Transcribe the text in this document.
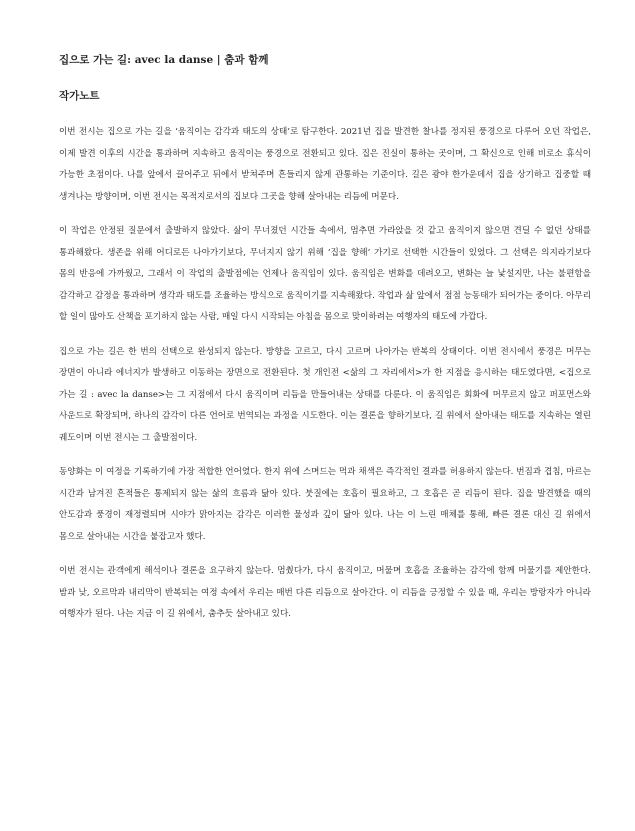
집으로 가는 길: avec la danse | 춤과 함께
작가노트

이번 전시는 집으로 가는 길을 ‘움직이는 감각과 태도의 상태’로 탐구한다. 2021년 집을 발견한 찰나를 정지된 풍경으로 다루어 오던 작업은, 이제 발견 이후의 시간을 통과하며 지속하고 움직이는 풍경으로 전환되고 있다. 집은 진실이 통하는 곳이며, 그 확신으로 인해 비로소 휴식이 가능한 초점이다. 나를 앞에서 끌어주고 뒤에서 받쳐주며 흔들리지 않게 관통하는 기준이다. 길은 광야 한가운데서 집을 상기하고 집중할 때 생겨나는 방향이며, 이번 전시는 목적지로서의 집보다 그곳을 향해 살아내는 리듬에 머문다.

이 작업은 안정된 질문에서 출발하지 않았다. 삶이 무너졌던 시간들 속에서, 멈추면 가라앉을 것 같고 움직이지 않으면 견딜 수 없던 상태를 통과해왔다. 생존을 위해 어디로든 나아가기보다, 무너지지 않기 위해 ‘집을 향해’ 가기로 선택한 시간들이 있었다. 그 선택은 의지라기보다 몸의 반응에 가까웠고, 그래서 이 작업의 출발점에는 언제나 움직임이 있다. 움직임은 변화를 데려오고, 변화는 늘 낯설지만, 나는 불편함을 감각하고 감정을 통과하며 생각과 태도를 조율하는 방식으로 움직이기를 지속해왔다. 작업과 삶 앞에서 점점 능동태가 되어가는 중이다. 아무리 할 일이 많아도 산책을 포기하지 않는 사람, 매일 다시 시작되는 아침을 몸으로 맞이하려는 여행자의 태도에 가깝다.

집으로 가는 길은 한 번의 선택으로 완성되지 않는다. 방향을 고르고, 다시 고르며 나아가는 반복의 상태이다. 이번 전시에서 풍경은 머무는 장면이 아니라 에너지가 발생하고 이동하는 장면으로 전환된다. 첫 개인전 <삶의 그 자리에서>가 한 지점을 응시하는 태도였다면, <집으로 가는 길 : avec la danse>는 그 지점에서 다시 움직이며 리듬을 만들어내는 상태를 다룬다. 이 움직임은 회화에 머무르지 않고 퍼포먼스와 사운드로 확장되며, 하나의 감각이 다른 언어로 번역되는 과정을 시도한다. 이는 결론을 향하기보다, 길 위에서 살아내는 태도를 지속하는 열린 궤도이며 이번 전시는 그 출발점이다.

동양화는 이 여정을 기록하기에 가장 적합한 언어였다. 한지 위에 스며드는 먹과 채색은 즉각적인 결과를 허용하지 않는다. 번짐과 겹침, 마르는 시간과 남겨진 흔적들은 통제되지 않는 삶의 흐름과 닮아 있다. 붓질에는 호흡이 필요하고, 그 호흡은 곧 리듬이 된다. 집을 발견했을 때의 안도감과 풍경이 재정렬되며 시야가 맑아지는 감각은 이러한 물성과 깊이 닮아 있다. 나는 이 느린 매체를 통해, 빠른 결론 대신 길 위에서 몸으로 살아내는 시간을 붙잡고자 했다.

이번 전시는 관객에게 해석이나 결론을 요구하지 않는다. 멈췄다가, 다시 움직이고, 머물며 호흡을 조율하는 감각에 함께 머물기를 제안한다. 밤과 낮, 오르막과 내리막이 반복되는 여정 속에서 우리는 매번 다른 리듬으로 살아간다. 이 리듬을 긍정할 수 있을 때, 우리는 방랑자가 아니라 여행자가 된다. 나는 지금 이 길 위에서, 춤추듯 살아내고 있다.
